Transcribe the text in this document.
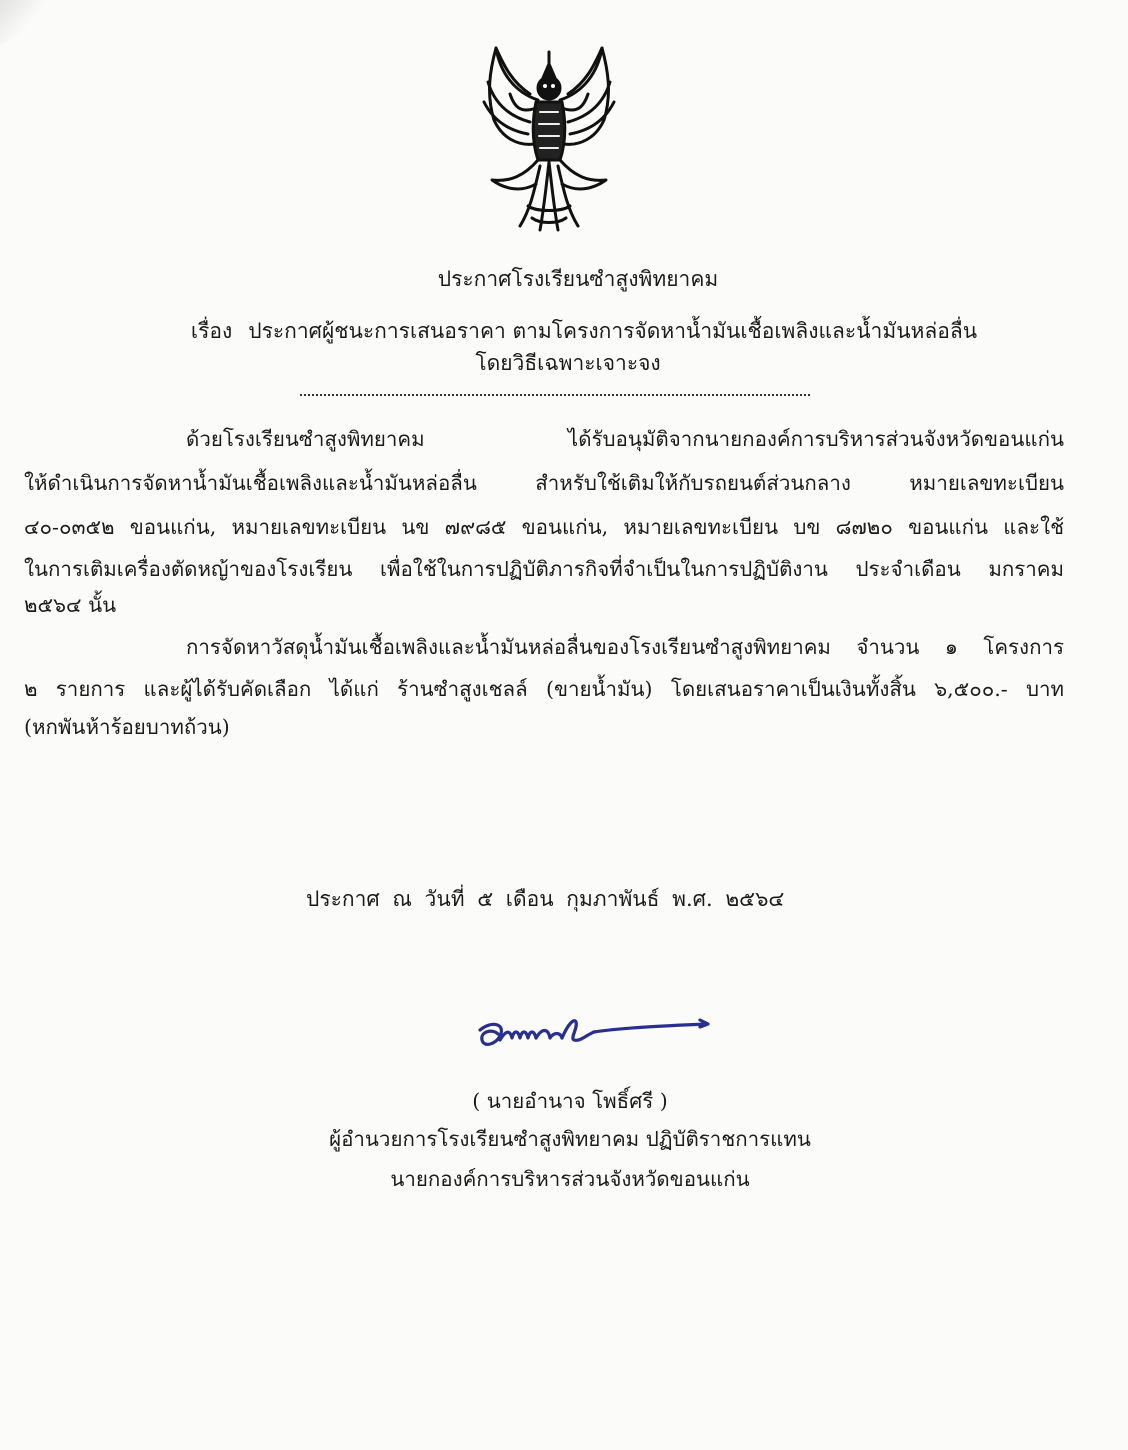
ประกาศโรงเรียนซำสูงพิทยาคม
เรื่อง ประกาศผู้ชนะการเสนอราคา ตามโครงการจัดหาน้ำมันเชื้อเพลิงและน้ำมันหล่อลื่น
โดยวิธีเฉพาะเจาะจง
ด้วยโรงเรียนซำสูงพิทยาคม ได้รับอนุมัติจากนายกองค์การบริหารส่วนจังหวัดขอนแก่น
ให้ดำเนินการจัดหาน้ำมันเชื้อเพลิงและน้ำมันหล่อลื่น สำหรับใช้เติมให้กับรถยนต์ส่วนกลาง หมายเลขทะเบียน
๔๐-๐๓๕๒ ขอนแก่น, หมายเลขทะเบียน นข ๗๙๘๕ ขอนแก่น, หมายเลขทะเบียน บข ๘๗๒๐ ขอนแก่น และใช้
ในการเติมเครื่องตัดหญ้าของโรงเรียน เพื่อใช้ในการปฏิบัติภารกิจที่จำเป็นในการปฏิบัติงาน ประจำเดือน มกราคม
๒๕๖๔ นั้น
การจัดหาวัสดุน้ำมันเชื้อเพลิงและน้ำมันหล่อลื่นของโรงเรียนซำสูงพิทยาคม จำนวน ๑ โครงการ
๒ รายการ และผู้ได้รับคัดเลือก ได้แก่ ร้านซำสูงเชลล์ (ขายน้ำมัน) โดยเสนอราคาเป็นเงินทั้งสิ้น ๖,๕๐๐.- บาท
(หกพันห้าร้อยบาทถ้วน)
ประกาศ ณ วันที่ ๕ เดือน กุมภาพันธ์ พ.ศ. ๒๕๖๔
( นายอำนาจ โพธิ์ศรี )
ผู้อำนวยการโรงเรียนซำสูงพิทยาคม ปฏิบัติราชการแทน
นายกองค์การบริหารส่วนจังหวัดขอนแก่น
